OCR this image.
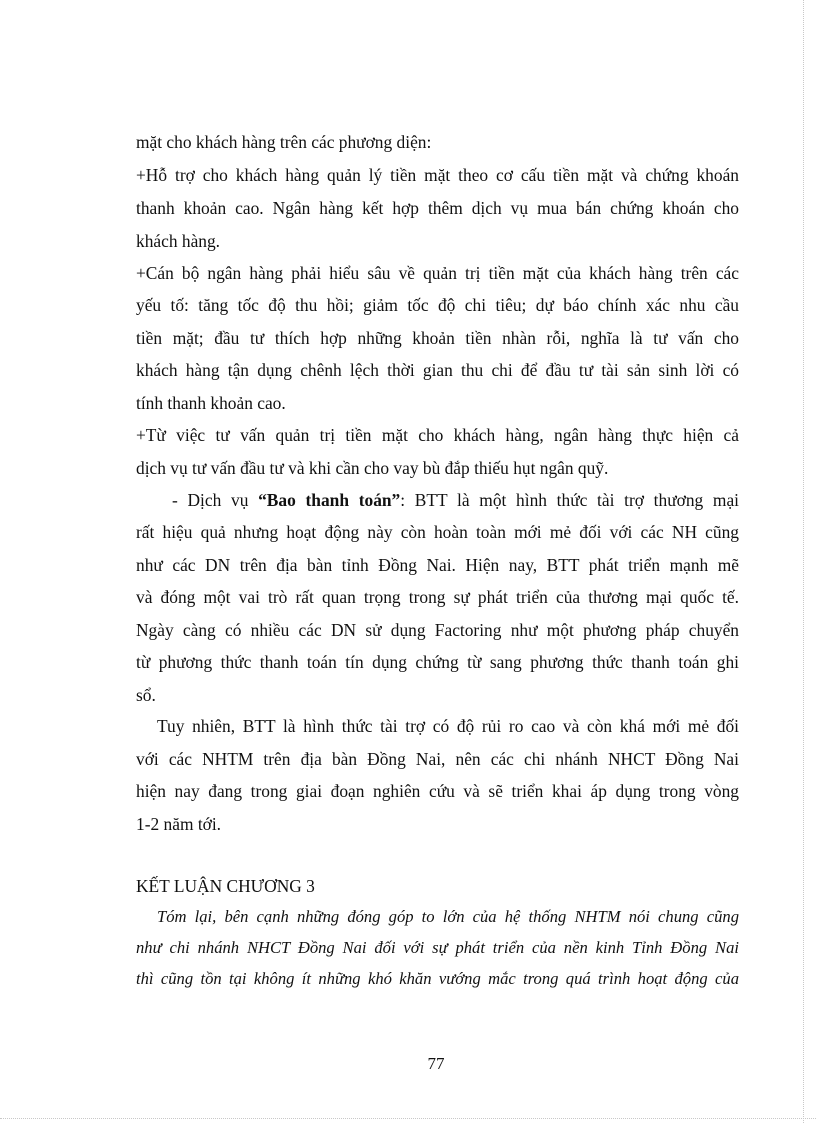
mặt cho khách hàng trên các phương diện:
+Hỗ trợ cho khách hàng quản lý tiền mặt theo cơ cấu tiền mặt và chứng khoán
thanh khoản cao. Ngân hàng kết hợp thêm dịch vụ mua bán chứng khoán cho
khách hàng.
+Cán bộ ngân hàng phải hiểu sâu về quản trị tiền mặt của khách hàng trên các
yếu tố: tăng tốc độ thu hồi; giảm tốc độ chi tiêu; dự báo chính xác nhu cầu
tiền mặt; đầu tư thích hợp những khoản tiền nhàn rỗi, nghĩa là tư vấn cho
khách hàng tận dụng chênh lệch thời gian thu chi để đầu tư tài sản sinh lời có
tính thanh khoản cao.
+Từ việc tư vấn quản trị tiền mặt cho khách hàng, ngân hàng thực hiện cả
dịch vụ tư vấn đầu tư và khi cần cho vay bù đắp thiếu hụt ngân quỹ.
- Dịch vụ “Bao thanh toán”: BTT là một hình thức tài trợ thương mại
rất hiệu quả nhưng hoạt động này còn hoàn toàn mới mẻ đối với các NH cũng
như các DN trên địa bàn tỉnh Đồng Nai. Hiện nay, BTT phát triển mạnh mẽ
và đóng một vai trò rất quan trọng trong sự phát triển của thương mại quốc tế.
Ngày càng có nhiều các DN sử dụng Factoring như một phương pháp chuyển
từ phương thức thanh toán tín dụng chứng từ sang phương thức thanh toán ghi
sổ.
Tuy nhiên, BTT là hình thức tài trợ có độ rủi ro cao và còn khá mới mẻ đối
với các NHTM trên địa bàn Đồng Nai, nên các chi nhánh NHCT Đồng Nai
hiện nay đang trong giai đoạn nghiên cứu và sẽ triển khai áp dụng trong vòng
1-2 năm tới.
KẾT LUẬN CHƯƠNG 3
Tóm lại, bên cạnh những đóng góp to lớn của hệ thống NHTM nói chung cũng
như chi nhánh NHCT Đồng Nai đối với sự phát triển của nền kinh Tỉnh Đồng Nai
thì cũng tồn tại không ít những khó khăn vướng mắc trong quá trình hoạt động của
77
